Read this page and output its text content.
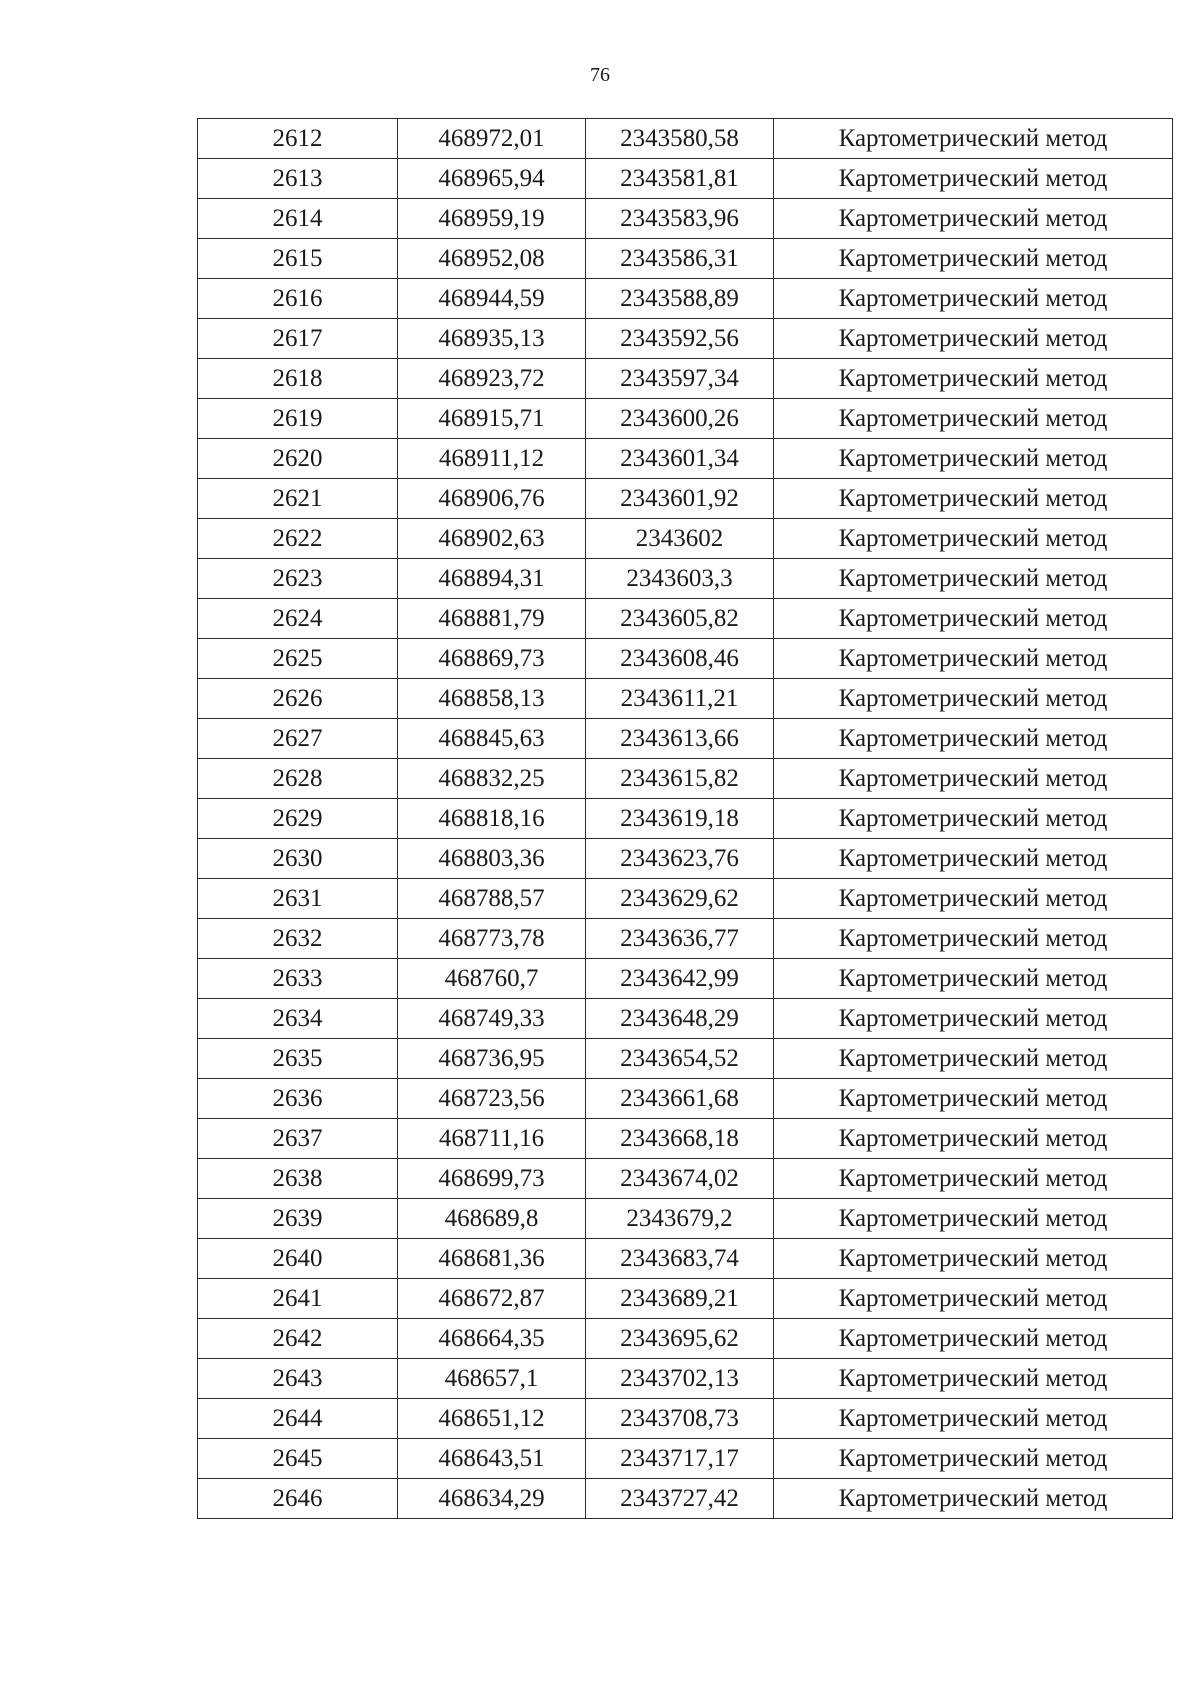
76
2612	468972,01	2343580,58	Картометрический метод
2613	468965,94	2343581,81	Картометрический метод
2614	468959,19	2343583,96	Картометрический метод
2615	468952,08	2343586,31	Картометрический метод
2616	468944,59	2343588,89	Картометрический метод
2617	468935,13	2343592,56	Картометрический метод
2618	468923,72	2343597,34	Картометрический метод
2619	468915,71	2343600,26	Картометрический метод
2620	468911,12	2343601,34	Картометрический метод
2621	468906,76	2343601,92	Картометрический метод
2622	468902,63	2343602	Картометрический метод
2623	468894,31	2343603,3	Картометрический метод
2624	468881,79	2343605,82	Картометрический метод
2625	468869,73	2343608,46	Картометрический метод
2626	468858,13	2343611,21	Картометрический метод
2627	468845,63	2343613,66	Картометрический метод
2628	468832,25	2343615,82	Картометрический метод
2629	468818,16	2343619,18	Картометрический метод
2630	468803,36	2343623,76	Картометрический метод
2631	468788,57	2343629,62	Картометрический метод
2632	468773,78	2343636,77	Картометрический метод
2633	468760,7	2343642,99	Картометрический метод
2634	468749,33	2343648,29	Картометрический метод
2635	468736,95	2343654,52	Картометрический метод
2636	468723,56	2343661,68	Картометрический метод
2637	468711,16	2343668,18	Картометрический метод
2638	468699,73	2343674,02	Картометрический метод
2639	468689,8	2343679,2	Картометрический метод
2640	468681,36	2343683,74	Картометрический метод
2641	468672,87	2343689,21	Картометрический метод
2642	468664,35	2343695,62	Картометрический метод
2643	468657,1	2343702,13	Картометрический метод
2644	468651,12	2343708,73	Картометрический метод
2645	468643,51	2343717,17	Картометрический метод
2646	468634,29	2343727,42	Картометрический метод
